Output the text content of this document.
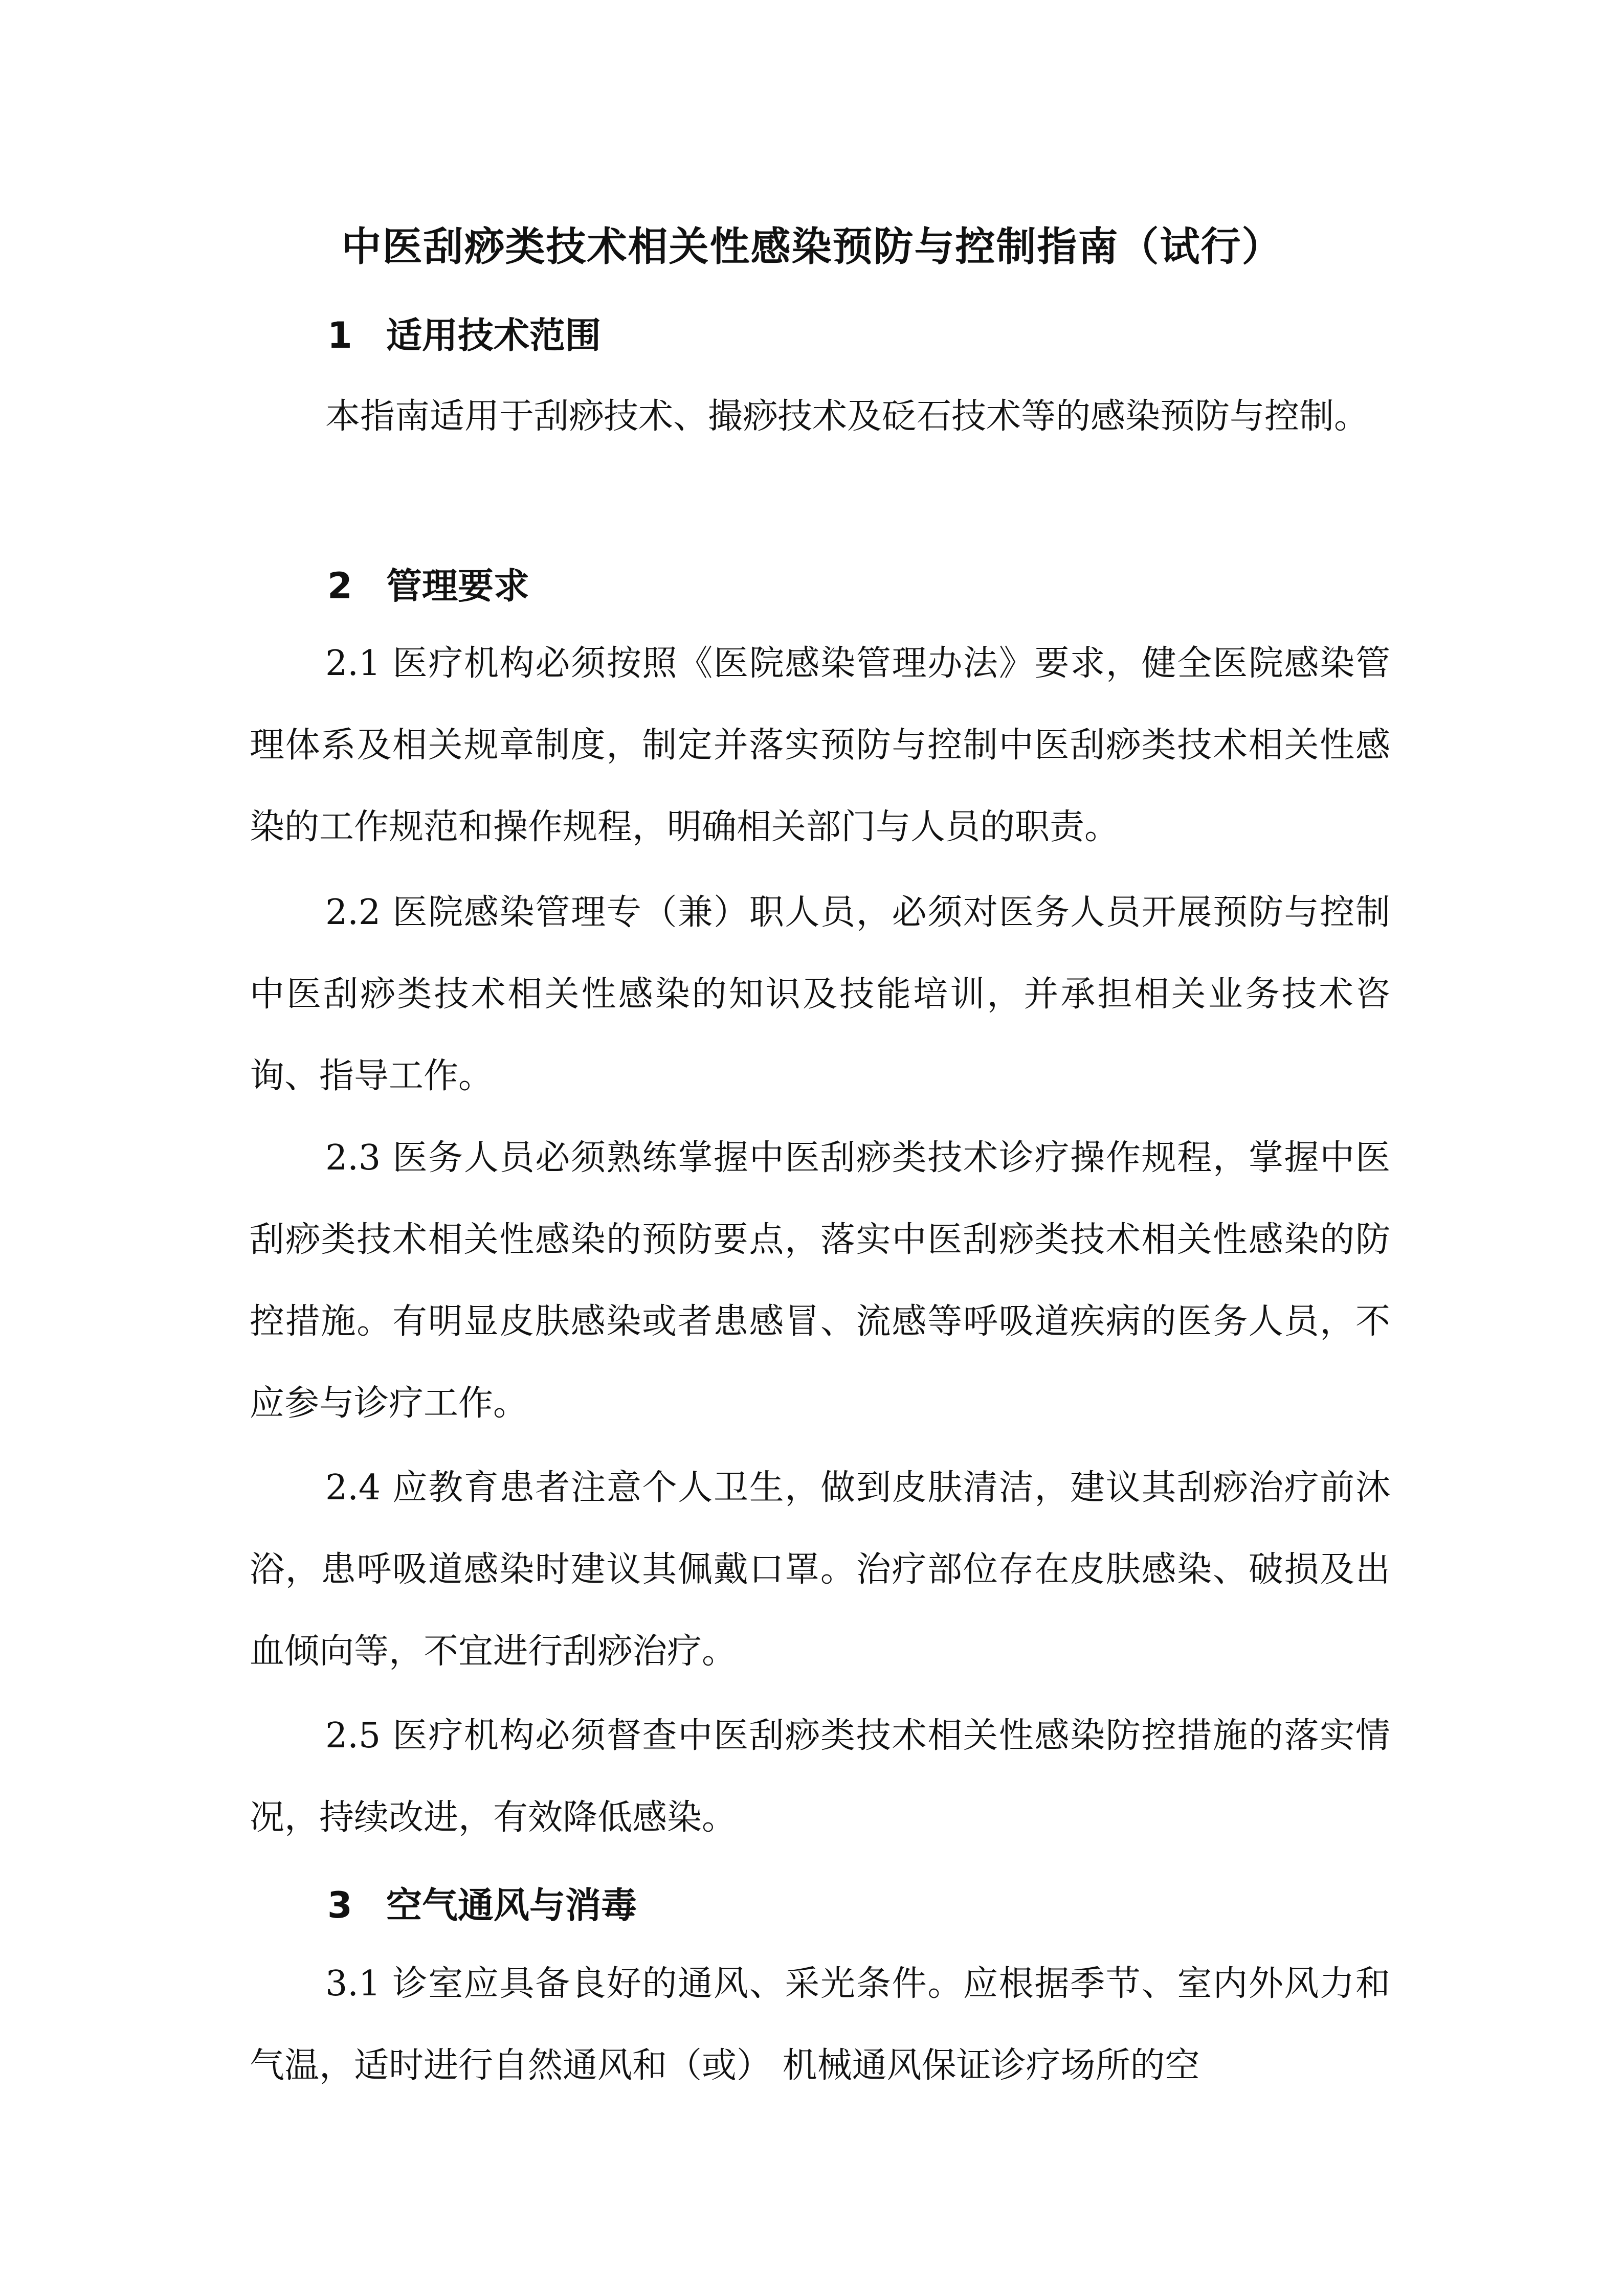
中医刮痧类技术相关性感染预防与控制指南（试行）
1 适用技术范围
本指南适用于刮痧技术、撮痧技术及砭石技术等的感染预防与控制。
2 管理要求
2.1 医疗机构必须按照《医院感染管理办法》要求，健全医院感染管理体系及相关规章制度，制定并落实预防与控制中医刮痧类技术相关性感染的工作规范和操作规程，明确相关部门与人员的职责。
2.2 医院感染管理专（兼）职人员，必须对医务人员开展预防与控制中医刮痧类技术相关性感染的知识及技能培训，并承担相关业务技术咨询、指导工作。
2.3 医务人员必须熟练掌握中医刮痧类技术诊疗操作规程，掌握中医刮痧类技术相关性感染的预防要点，落实中医刮痧类技术相关性感染的防控措施。有明显皮肤感染或者患感冒、流感等呼吸道疾病的医务人员，不应参与诊疗工作。
2.4 应教育患者注意个人卫生，做到皮肤清洁，建议其刮痧治疗前沐浴，患呼吸道感染时建议其佩戴口罩。治疗部位存在皮肤感染、破损及出血倾向等，不宜进行刮痧治疗。
2.5 医疗机构必须督查中医刮痧类技术相关性感染防控措施的落实情况，持续改进，有效降低感染。
3 空气通风与消毒
3.1 诊室应具备良好的通风、采光条件。应根据季节、室内外风力和气温，适时进行自然通风和（或） 机械通风保证诊疗场所的空
